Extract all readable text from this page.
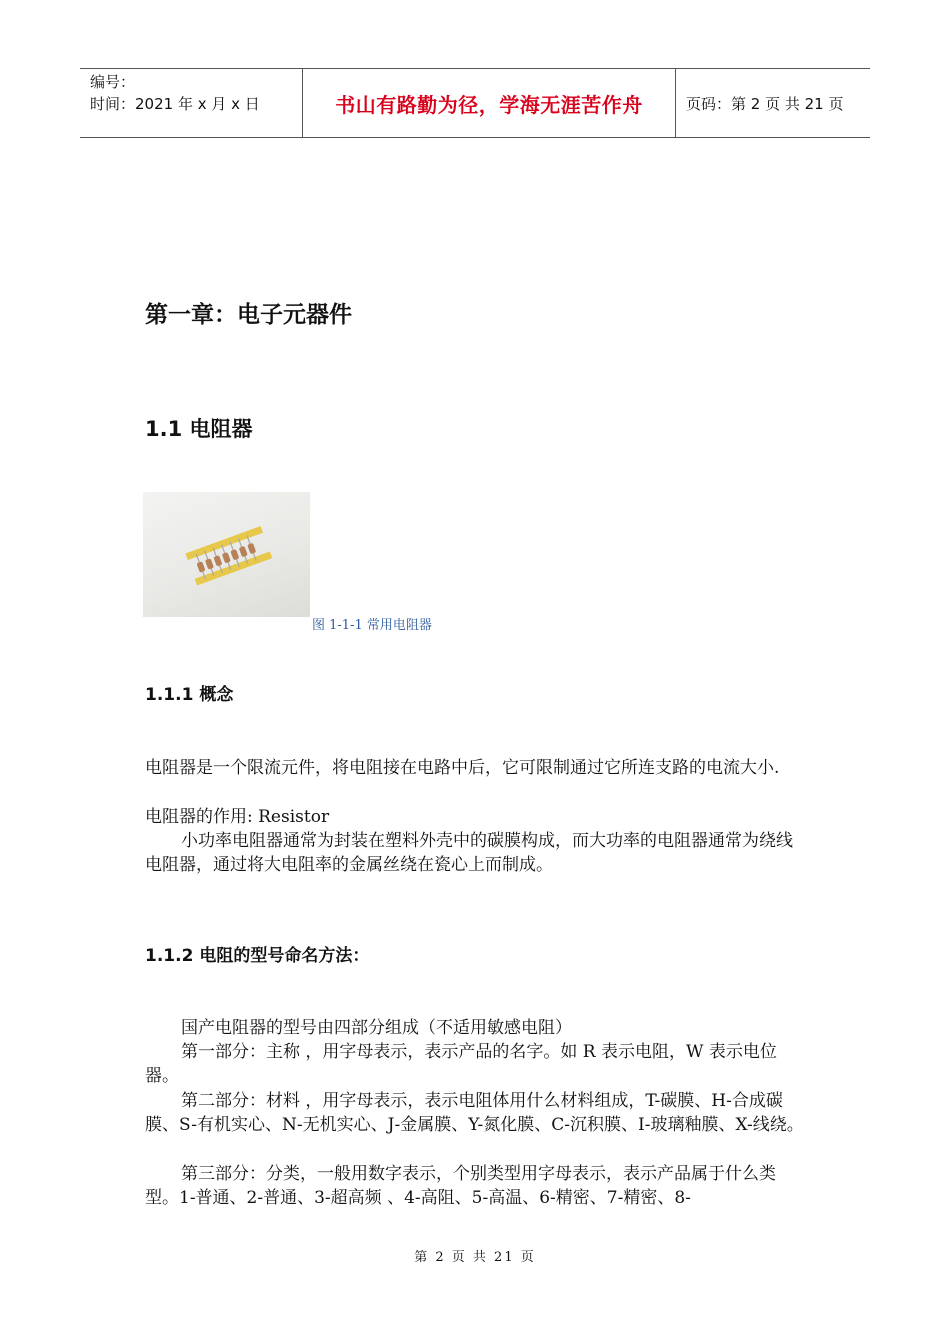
编号：
时间：2021 年 x 月 x 日	书山有路勤为径，学海无涯苦作舟	页码：第 2 页 共 21 页
第一章：电子元器件
1.1 电阻器
图 1-1-1 常用电阻器
1.1.1 概念
电阻器是一个限流元件，将电阻接在电路中后，它可限制通过它所连支路的电流大小.
电阻器的作用: Resistor
小功率电阻器通常为封装在塑料外壳中的碳膜构成，而大功率的电阻器通常为绕线电阻器，通过将大电阻率的金属丝绕在瓷心上而制成。
1.1.2 电阻的型号命名方法：
国产电阻器的型号由四部分组成（不适用敏感电阻）
第一部分：主称 ，用字母表示，表示产品的名字。如 R 表示电阻，W 表示电位器。
第二部分：材料 ，用字母表示，表示电阻体用什么材料组成，T-碳膜、H-合成碳膜、S-有机实心、N-无机实心、J-金属膜、Y-氮化膜、C-沉积膜、I-玻璃釉膜、X-线绕。
第三部分：分类，一般用数字表示，个别类型用字母表示，表示产品属于什么类型。1-普通、2-普通、3-超高频 、4-高阻、5-高温、6-精密、7-精密、8-
第 2 页 共 21 页
